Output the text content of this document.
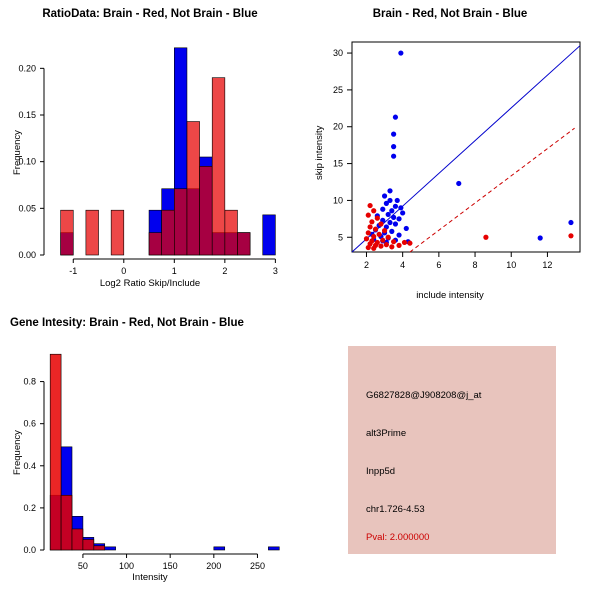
RatioData: Brain - Red, Not Brain - Blue
0.00
0.05
0.10
0.15
0.20
-1	0	1	2	3
Frequency
Log2 Ratio Skip/Include
Brain - Red, Not Brain - Blue
5
10
15
20
25
30
2	4	6	8	10	12
skip intensity
include intensity
Gene Intesity: Brain - Red, Not Brain - Blue
0.0
0.2
0.4
0.6
0.8
50	100	150	200	250
Frequency
Intensity
G6827828@J908208@j_at
alt3Prime
Inpp5d
chr1.726-4.53
Pval: 2.000000
